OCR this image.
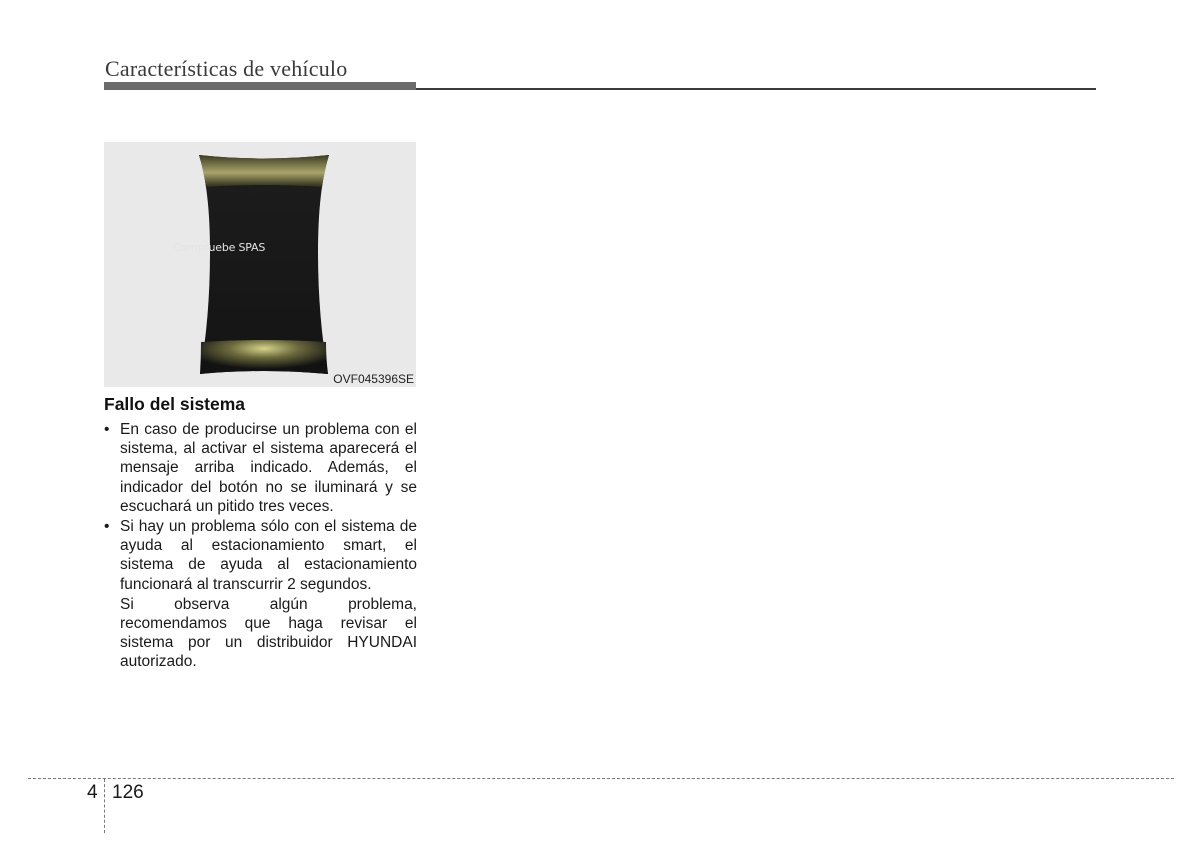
Características de vehículo
Compruebe SPAS
OVF045396SE
Fallo del sistema
• En caso de producirse un problema con el sistema, al activar el sistema aparecerá el mensaje arriba indicado. Además, el indicador del botón no se iluminará y se escuchará un pitido tres veces.

• Si hay un problema sólo con el sistema de ayuda al estacionamiento smart, el sistema de ayuda al estacionamiento funcionará al transcurrir 2 segundos.

Si observa algún problema, recomendamos que haga revisar el sistema por un distribuidor HYUNDAI autorizado.

4 126
